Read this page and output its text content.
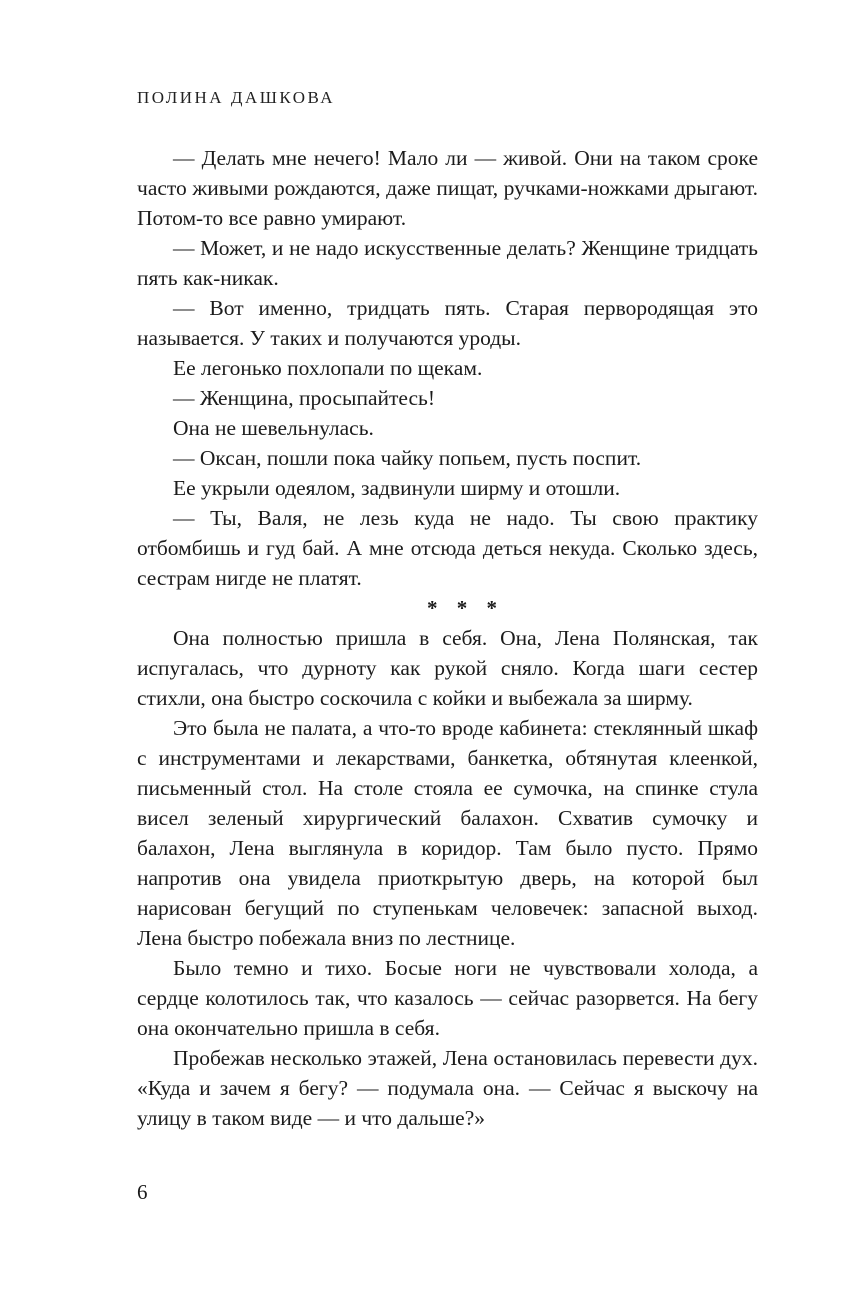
ПОЛИНА ДАШКОВА

— Делать мне нечего! Мало ли — живой. Они на таком сроке часто живыми рождаются, даже пищат, ручками-ножками дрыгают. Потом-то все равно умирают.

— Может, и не надо искусственные делать? Женщине тридцать пять как-никак.

— Вот именно, тридцать пять. Старая первородящая это называется. У таких и получаются уроды.

Ее легонько похлопали по щекам.

— Женщина, просыпайтесь!

Она не шевельнулась.

— Оксан, пошли пока чайку попьем, пусть поспит.

Ее укрыли одеялом, задвинули ширму и отошли.

— Ты, Валя, не лезь куда не надо. Ты свою практику отбомбишь и гуд бай. А мне отсюда деться некуда. Сколько здесь, сестрам нигде не платят.

* * *

Она полностью пришла в себя. Она, Лена Полянская, так испугалась, что дурноту как рукой сняло. Когда шаги сестер стихли, она быстро соскочила с койки и выбежала за ширму.

Это была не палата, а что-то вроде кабинета: стеклянный шкаф с инструментами и лекарствами, банкетка, обтянутая клеенкой, письменный стол. На столе стояла ее сумочка, на спинке стула висел зеленый хирургический балахон. Схватив сумочку и балахон, Лена выглянула в коридор. Там было пусто. Прямо напротив она увидела приоткрытую дверь, на которой был нарисован бегущий по ступенькам человечек: запасной выход. Лена быстро побежала вниз по лестнице.

Было темно и тихо. Босые ноги не чувствовали холода, а сердце колотилось так, что казалось — сейчас разорвется. На бегу она окончательно пришла в себя.

Пробежав несколько этажей, Лена остановилась перевести дух. «Куда и зачем я бегу? — подумала она. — Сейчас я выскочу на улицу в таком виде — и что дальше?»

6
